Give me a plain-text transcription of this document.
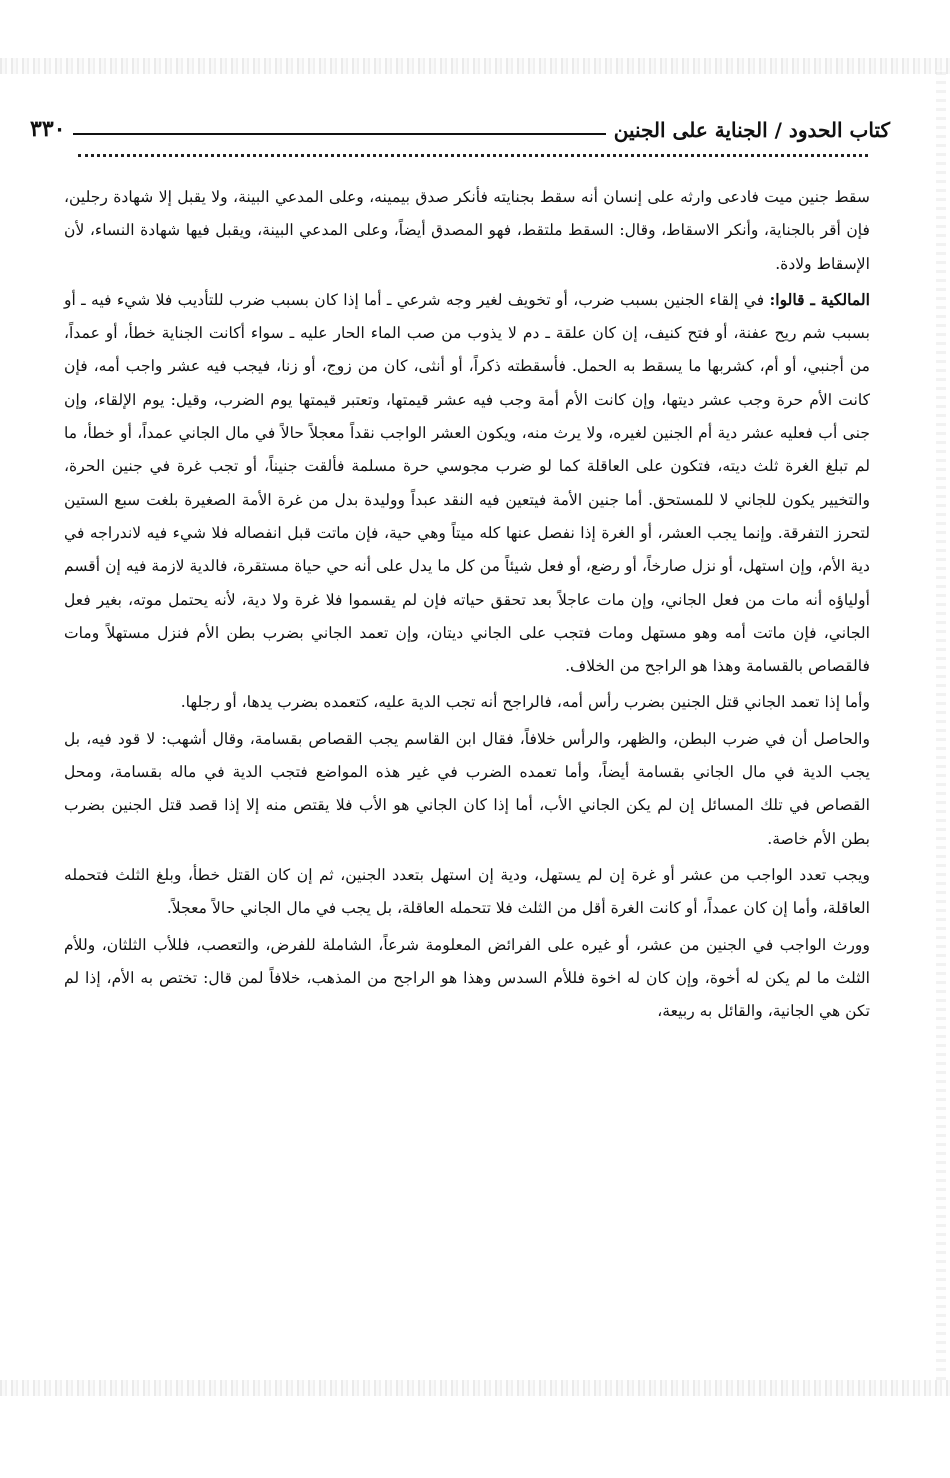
كتاب الحدود / الجناية على الجنين
٣٣٠

سقط جنين ميت فادعى وارثه على إنسان أنه سقط بجنايته فأنكر صدق بيمينه، وعلى المدعي البينة، ولا يقبل إلا شهادة رجلين، فإن أقر بالجناية، وأنكر الاسقاط، وقال: السقط ملتقط، فهو المصدق أيضاً، وعلى المدعي البينة، ويقبل فيها شهادة النساء، لأن الإسقاط ولادة.

المالكية ـ قالوا: في إلقاء الجنين بسبب ضرب، أو تخويف لغير وجه شرعي ـ أما إذا كان بسبب ضرب للتأديب فلا شيء فيه ـ أو بسبب شم ريح عفنة، أو فتح كنيف، إن كان علقة ـ دم لا يذوب من صب الماء الحار عليه ـ سواء أكانت الجناية خطأ، أو عمداً، من أجنبي، أو أم، كشربها ما يسقط به الحمل. فأسقطته ذكراً، أو أنثى، كان من زوج، أو زنا، فيجب فيه عشر واجب أمه، فإن كانت الأم حرة وجب عشر ديتها، وإن كانت الأم أمة وجب فيه عشر قيمتها، وتعتبر قيمتها يوم الضرب، وقيل: يوم الإلقاء، وإن جنى أب فعليه عشر دية أم الجنين لغيره، ولا يرث منه، ويكون العشر الواجب نقداً معجلاً حالاً في مال الجاني عمداً، أو خطأ، ما لم تبلغ الغرة ثلث ديته، فتكون على العاقلة كما لو ضرب مجوسي حرة مسلمة فألقت جنيناً، أو تجب غرة في جنين الحرة، والتخيير يكون للجاني لا للمستحق. أما جنين الأمة فيتعين فيه النقد عبداً ووليدة بدل من غرة الأمة الصغيرة بلغت سبع الستين لتحرز التفرقة. وإنما يجب العشر، أو الغرة إذا نفصل عنها كله ميتاً وهي حية، فإن ماتت قبل انفصاله فلا شيء فيه لاندراجه في دية الأم، وإن استهل، أو نزل صارخاً، أو رضع، أو فعل شيئاً من كل ما يدل على أنه حي حياة مستقرة، فالدية لازمة فيه إن أقسم أولياؤه أنه مات من فعل الجاني، وإن مات عاجلاً بعد تحقق حياته فإن لم يقسموا فلا غرة ولا دية، لأنه يحتمل موته، بغير فعل الجاني، فإن ماتت أمه وهو مستهل ومات فتجب على الجاني ديتان، وإن تعمد الجاني بضرب بطن الأم فنزل مستهلاً ومات فالقصاص بالقسامة وهذا هو الراجح من الخلاف.

وأما إذا تعمد الجاني قتل الجنين بضرب رأس أمه، فالراجح أنه تجب الدية عليه، كتعمده بضرب يدها، أو رجلها.

والحاصل أن في ضرب البطن، والظهر، والرأس خلافاً، فقال ابن القاسم يجب القصاص بقسامة، وقال أشهب: لا قود فيه، بل يجب الدية في مال الجاني بقسامة أيضاً، وأما تعمده الضرب في غير هذه المواضع فتجب الدية في ماله بقسامة، ومحل القصاص في تلك المسائل إن لم يكن الجاني الأب، أما إذا كان الجاني هو الأب فلا يقتص منه إلا إذا قصد قتل الجنين بضرب بطن الأم خاصة.

ويجب تعدد الواجب من عشر أو غرة إن لم يستهل، ودية إن استهل بتعدد الجنين، ثم إن كان القتل خطأ، وبلغ الثلث فتحمله العاقلة، وأما إن كان عمداً، أو كانت الغرة أقل من الثلث فلا تتحمله العاقلة، بل يجب في مال الجاني حالاً معجلاً.

وورث الواجب في الجنين من عشر، أو غيره على الفرائض المعلومة شرعاً، الشاملة للفرض، والتعصب، فللأب الثلثان، وللأم الثلث ما لم يكن له أخوة، وإن كان له اخوة فللأم السدس وهذا هو الراجح من المذهب، خلافاً لمن قال: تختص به الأم، إذا لم تكن هي الجانية، والقائل به ربيعة،
